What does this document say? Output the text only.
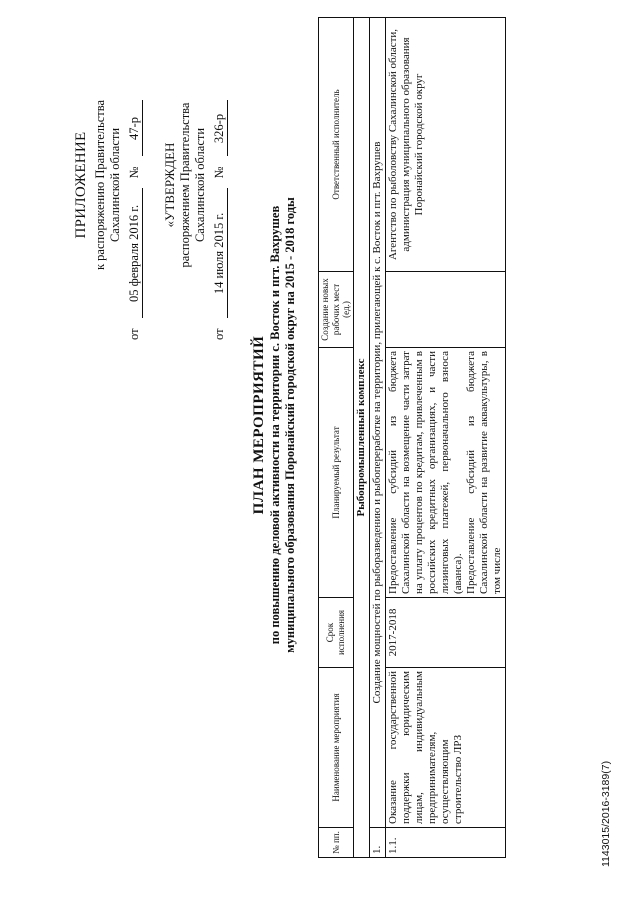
ПРИЛОЖЕНИЕ к распоряжению Правительства Сахалинской области
от
05 февраля 2016 г.
№
47-р
«УТВЕРЖДЕН распоряжением Правительства Сахалинской области
от
14 июля 2015 г.
№
326-р
ПЛАН МЕРОПРИЯТИЙ по повышению деловой активности на территории с. Восток и пгт. Вахрушев муниципального образования Поронайский городской округ на 2015 - 2018 годы
№ пп.	Наименование мероприятия	Срок исполнения	Планируемый результат	Создание новых рабочих мест (ед.)	Ответственный исполнитель
Рыбопромышленный комплекс					
1.	Создание мощностей по рыборазведению и рыбопереработке на территории, прилегающей к с. Восток и пгт. Вахрушев				
1.1.	Оказание государственной поддержки юридическим лицам, индивидуальным предпринимателям, осуществляющим строительство ЛРЗ	2017-2018	Предоставление субсидий из бюджета Сахалинской области на возмещение части затрат на уплату процентов по кредитам, привлеченным в российских кредитных организациях, и части лизинговых платежей, первоначального взноса (аванса). Предоставление субсидий из бюджета Сахалинской области на развитие аквакультуры, в том числе		Агентство по рыболовству Сахалинской области, администрация муниципального образования Поронайский городской округ
1143015/2016-3189(7)
